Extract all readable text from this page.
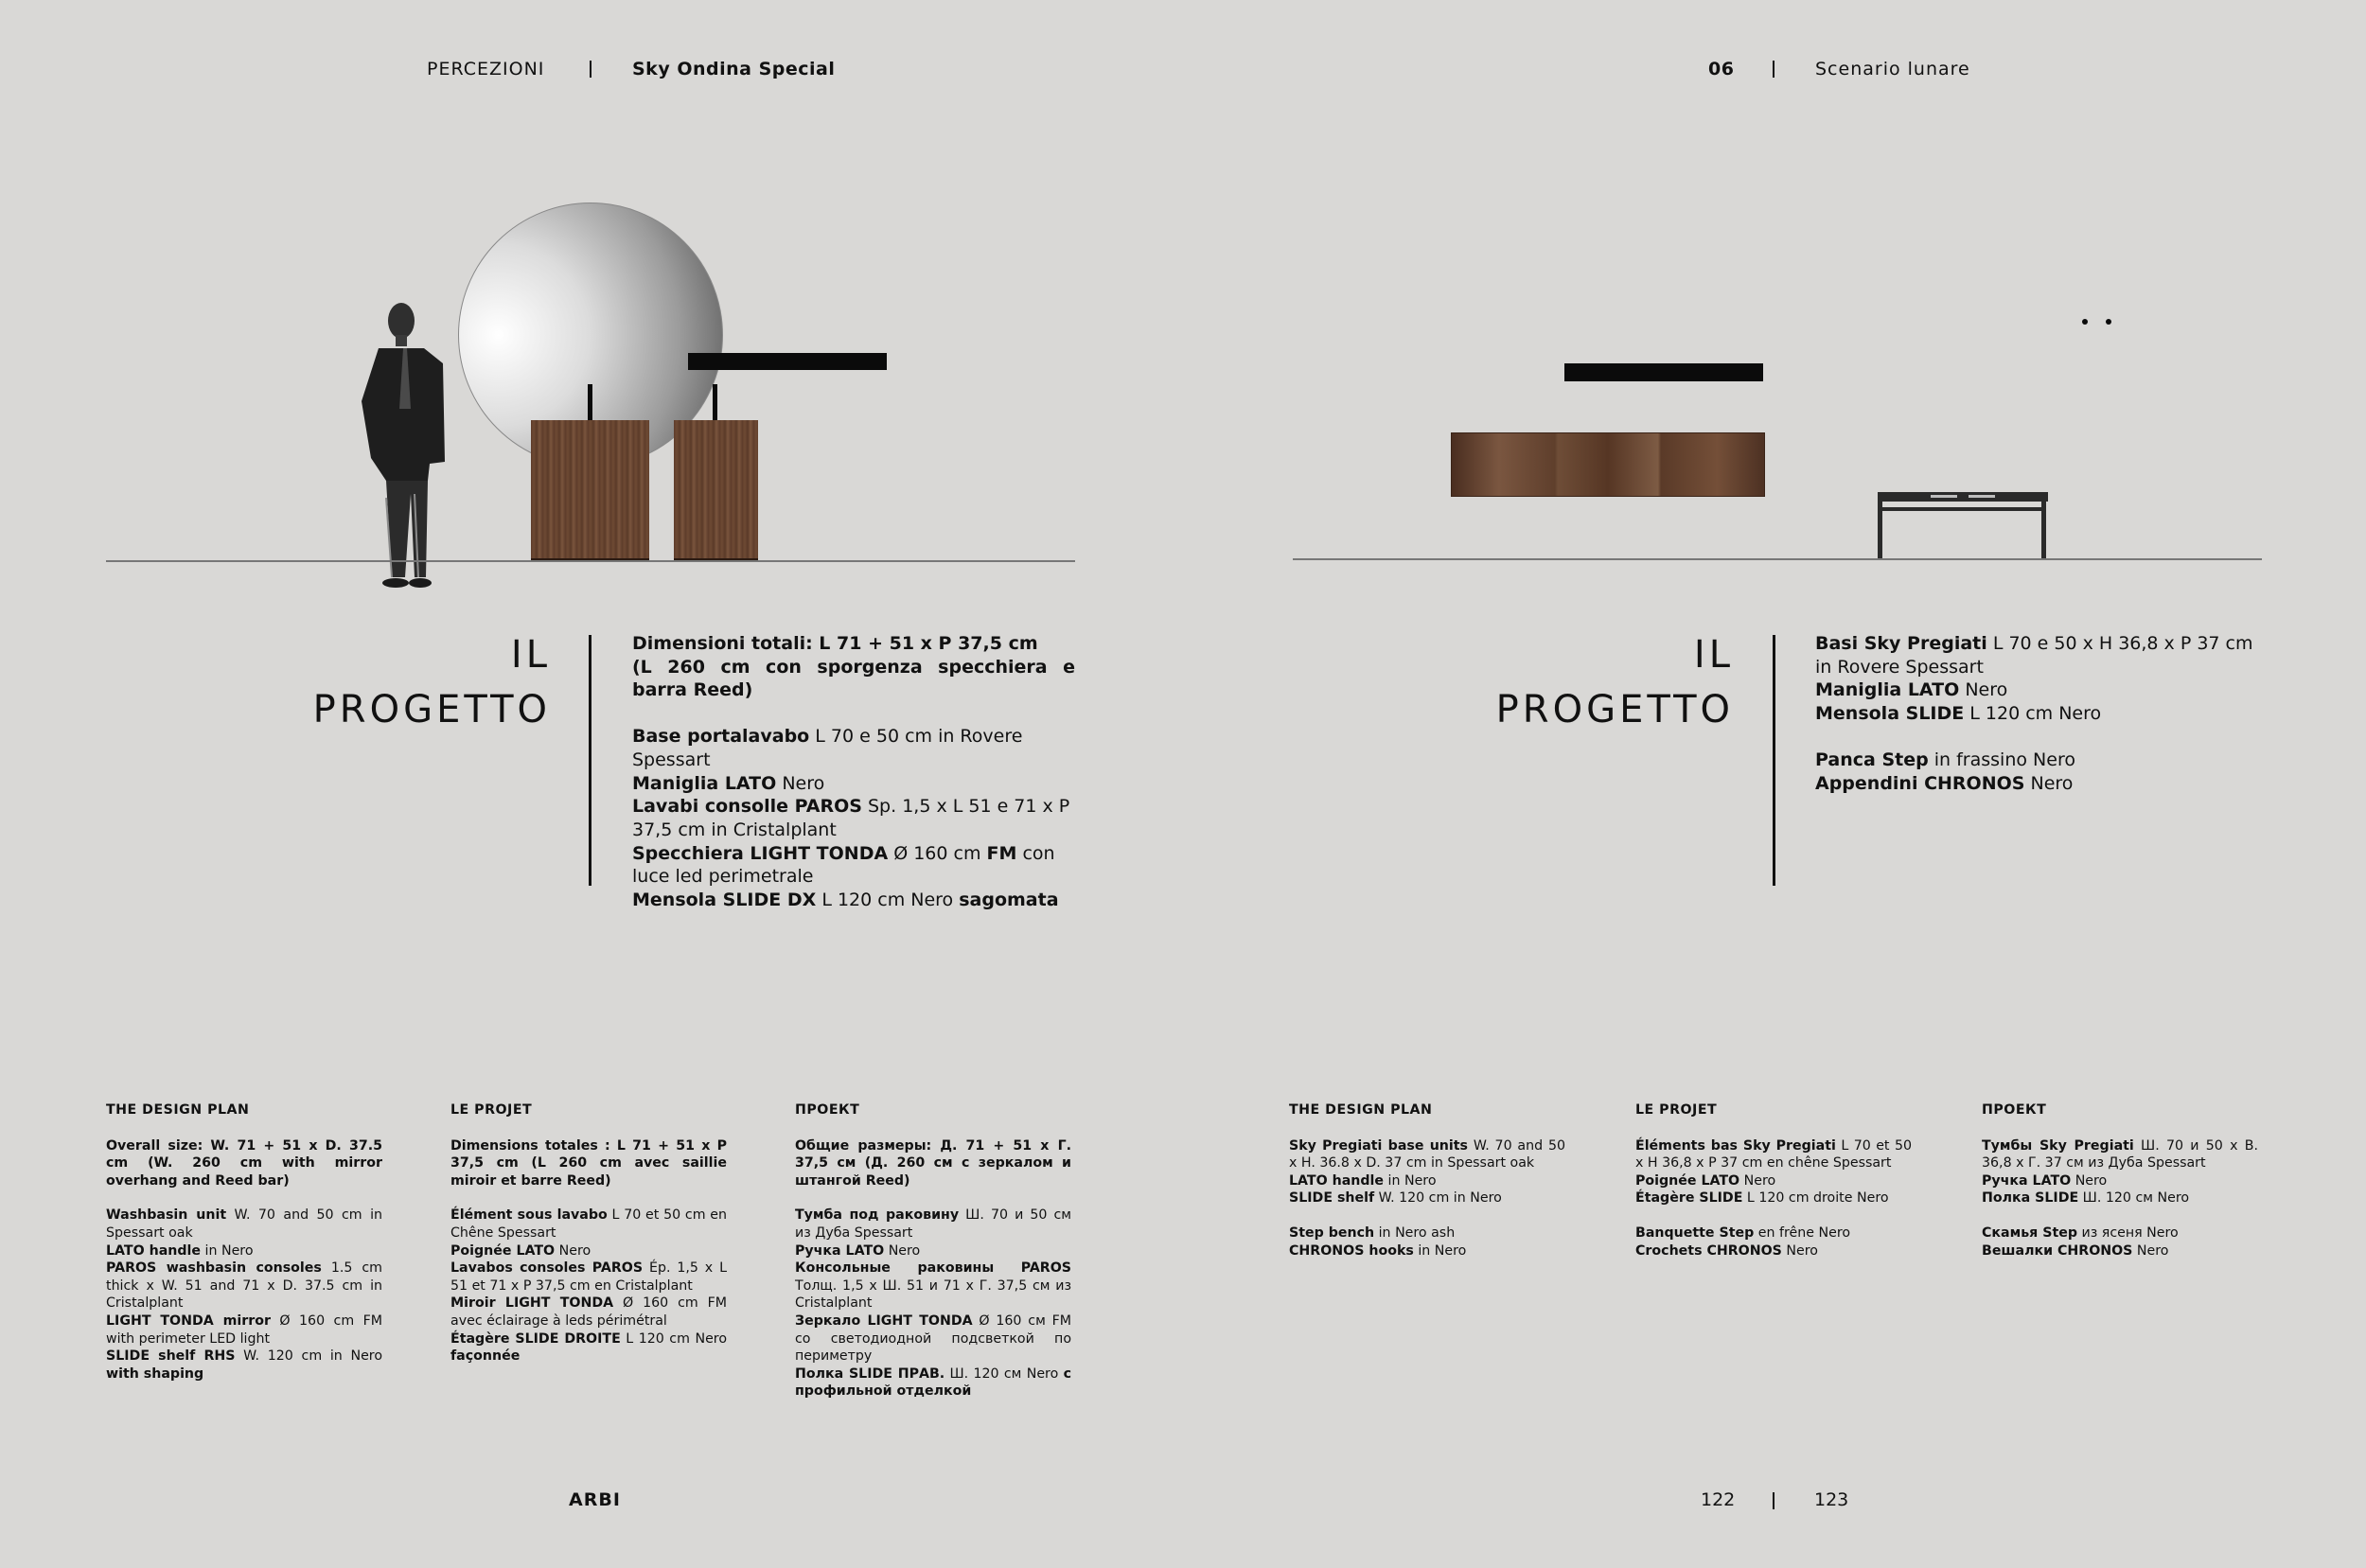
PERCEZIONI	Sky Ondina Special	06	Scenario lunare
IL
PROGETTO
Dimensioni totali: L 71 + 51 x P 37,5 cm
(L 260 cm con sporgenza specchiera e barra Reed)
Base portalavabo L 70 e 50 cm in Rovere Spessart
Maniglia LATO Nero
Lavabi consolle PAROS Sp. 1,5 x L 51 e 71 x P 37,5 cm in Cristalplant
Specchiera LIGHT TONDA Ø 160 cm FM con luce led perimetrale
Mensola SLIDE DX L 120 cm Nero sagomata
IL
PROGETTO
Basi Sky Pregiati L 70 e 50 x H 36,8 x P 37 cm in Rovere Spessart
Maniglia LATO Nero
Mensola SLIDE L 120 cm Nero
Panca Step in frassino Nero
Appendini CHRONOS Nero
THE DESIGN PLAN
Overall size: W. 71 + 51 x D. 37.5 cm (W. 260 cm with mirror overhang and Reed bar)
Washbasin unit W. 70 and 50 cm in Spessart oak
LATO handle in Nero
PAROS washbasin consoles 1.5 cm thick x W. 51 and 71 x D. 37.5 cm in Cristalplant
LIGHT TONDA mirror Ø 160 cm FM with perimeter LED light
SLIDE shelf RHS W. 120 cm in Nero with shaping
LE PROJET
Dimensions totales : L 71 + 51 x P 37,5 cm (L 260 cm avec saillie miroir et barre Reed)
Élément sous lavabo L 70 et 50 cm en Chêne Spessart
Poignée LATO Nero
Lavabos consoles PAROS Ép. 1,5 x L 51 et 71 x P 37,5 cm en Cristalplant
Miroir LIGHT TONDA Ø 160 cm FM avec éclairage à leds périmétral
Étagère SLIDE DROITE L 120 cm Nero façonnée
ПРОЕКТ
Общие размеры: Д. 71 + 51 x Г. 37,5 см (Д. 260 см с зеркалом и штангой Reed)
Тумба под раковину Ш. 70 и 50 см из Дуба Spessart
Ручка LATO Nero
Консольные раковины PAROS Толщ. 1,5 x Ш. 51 и 71 x Г. 37,5 см из Cristalplant
Зеркало LIGHT TONDA Ø 160 см FM со светодиодной подсветкой по периметру
Полка SLIDE ПРАВ. Ш. 120 см Nero с профильной отделкой
THE DESIGN PLAN
Sky Pregiati base units W. 70 and 50 x H. 36.8 x D. 37 cm in Spessart oak
LATO handle in Nero
SLIDE shelf W. 120 cm in Nero
Step bench in Nero ash
CHRONOS hooks in Nero
LE PROJET
Éléments bas Sky Pregiati L 70 et 50 x H 36,8 x P 37 cm en chêne Spessart
Poignée LATO Nero
Étagère SLIDE L 120 cm droite Nero
Banquette Step en frêne Nero
Crochets CHRONOS Nero
ПРОЕКТ
Тумбы Sky Pregiati Ш. 70 и 50 x В. 36,8 x Г. 37 см из Дуба Spessart
Ручка LATO Nero
Полка SLIDE Ш. 120 см Nero
Скамья Step из ясеня Nero
Вешалки CHRONOS Nero
ARBI	122	123
